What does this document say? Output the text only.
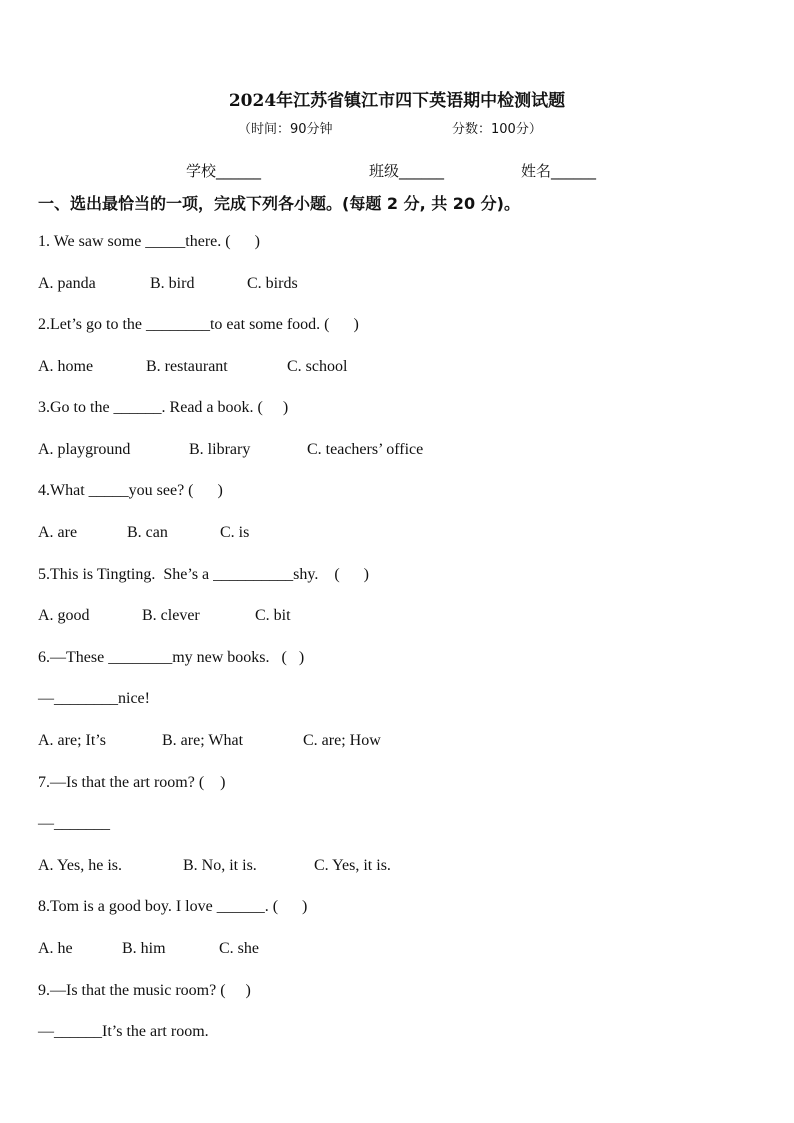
2024年江苏省镇江市四下英语期中检测试题
（时间：90分钟	分数：100分）
学校______	班级______	姓名______
一、选出最恰当的一项，完成下列各小题。(每题 2 分, 共 20 分)。
1. We saw some _____there. (      )
A. panda	B. bird	C. birds
2.Let’s go to the ________to eat some food. (      )
A. home	B. restaurant	C. school
3.Go to the ______. Read a book. (     )
A. playground	B. library	C. teachers’ office
4.What _____you see? (      )
A. are	B. can	C. is
5.This is Tingting.  She’s a __________shy.    (      )
A. good	B. clever	C. bit
6.—These ________my new books.   (   )
—________nice!
A. are; It’s	B. are; What	C. are; How
7.—Is that the art room? (    )
—_______
A. Yes, he is.	B. No, it is.	C. Yes, it is.
8.Tom is a good boy. I love ______. (      )
A. he	B. him	C. she
9.—Is that the music room? (     )
—______It’s the art room.
